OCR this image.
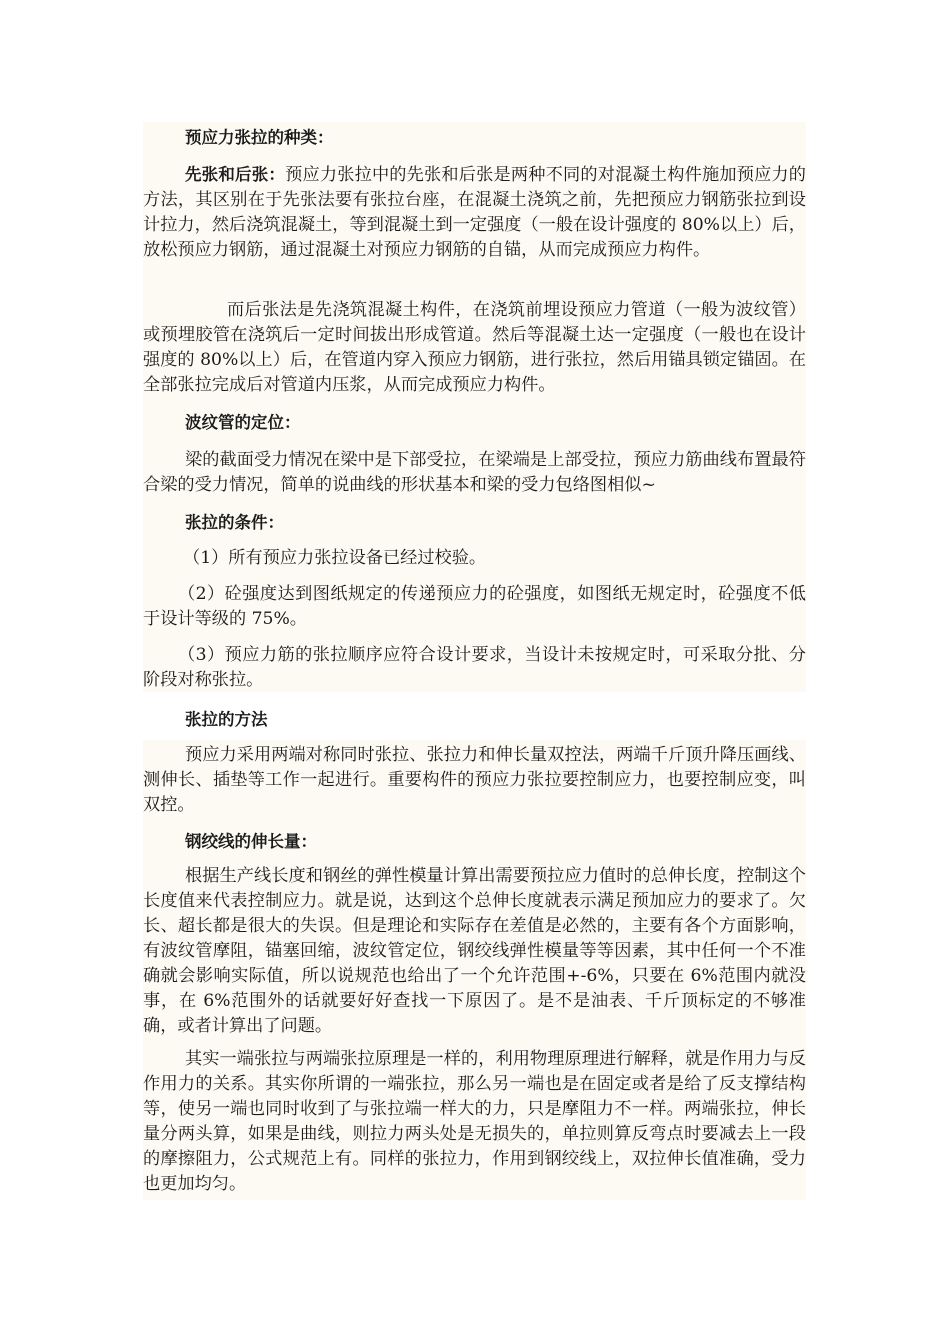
预应力张拉的种类：

先张和后张：预应力张拉中的先张和后张是两种不同的对混凝土构件施加预应力的方法，其区别在于先张法要有张拉台座，在混凝土浇筑之前，先把预应力钢筋张拉到设计拉力，然后浇筑混凝土，等到混凝土到一定强度（一般在设计强度的 80%以上）后，放松预应力钢筋，通过混凝土对预应力钢筋的自锚，从而完成预应力构件。

而后张法是先浇筑混凝土构件，在浇筑前埋设预应力管道（一般为波纹管）或预埋胶管在浇筑后一定时间拔出形成管道。然后等混凝土达一定强度（一般也在设计强度的 80%以上）后，在管道内穿入预应力钢筋，进行张拉，然后用锚具锁定锚固。在全部张拉完成后对管道内压浆，从而完成预应力构件。

波纹管的定位：

梁的截面受力情况在梁中是下部受拉，在梁端是上部受拉，预应力筋曲线布置最符合梁的受力情况，简单的说曲线的形状基本和梁的受力包络图相似~

张拉的条件：

（1）所有预应力张拉设备已经过校验。

（2）砼强度达到图纸规定的传递预应力的砼强度，如图纸无规定时，砼强度不低于设计等级的 75%。

（3）预应力筋的张拉顺序应符合设计要求，当设计未按规定时，可采取分批、分阶段对称张拉。

张拉的方法

预应力采用两端对称同时张拉、张拉力和伸长量双控法，两端千斤顶升降压画线、测伸长、插垫等工作一起进行。重要构件的预应力张拉要控制应力，也要控制应变，叫双控。

钢绞线的伸长量：

根据生产线长度和钢丝的弹性模量计算出需要预拉应力值时的总伸长度，控制这个长度值来代表控制应力。就是说，达到这个总伸长度就表示满足预加应力的要求了。欠长、超长都是很大的失误。但是理论和实际存在差值是必然的，主要有各个方面影响，有波纹管摩阻，锚塞回缩，波纹管定位，钢绞线弹性模量等等因素，其中任何一个不准确就会影响实际值，所以说规范也给出了一个允许范围+-6%，只要在 6%范围内就没事，在 6%范围外的话就要好好查找一下原因了。是不是油表、千斤顶标定的不够准确，或者计算出了问题。

其实一端张拉与两端张拉原理是一样的，利用物理原理进行解释，就是作用力与反作用力的关系。其实你所谓的一端张拉，那么另一端也是在固定或者是给了反支撑结构等，使另一端也同时收到了与张拉端一样大的力，只是摩阻力不一样。两端张拉，伸长量分两头算，如果是曲线，则拉力两头处是无损失的，单拉则算反弯点时要减去上一段的摩擦阻力，公式规范上有。同样的张拉力，作用到钢绞线上，双拉伸长值准确，受力也更加均匀。
